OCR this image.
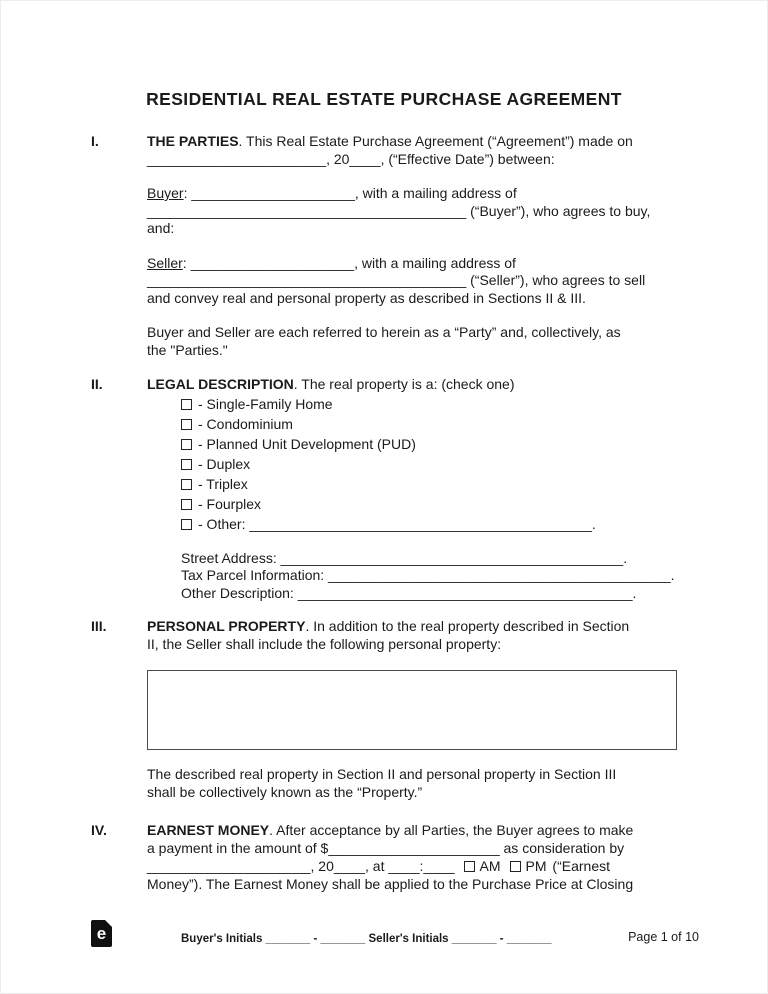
RESIDENTIAL REAL ESTATE PURCHASE AGREEMENT
I.	THE PARTIES. This Real Estate Purchase Agreement (“Agreement”) made on
_______________________, 20____, (“Effective Date”) between:

Buyer: _____________________, with a mailing address of
_________________________________________ (“Buyer”), who agrees to buy,
and:

Seller: _____________________, with a mailing address of
_________________________________________ (“Seller”), who agrees to sell
and convey real and personal property as described in Sections II & III.

Buyer and Seller are each referred to herein as a “Party” and, collectively, as
the "Parties."

II.	LEGAL DESCRIPTION. The real property is a: (check one)
- Single-Family Home
- Condominium
- Planned Unit Development (PUD)
- Duplex
- Triplex
- Fourplex
- Other: ____________________________________________.
Street Address: ____________________________________________.
Tax Parcel Information: ____________________________________________.
Other Description: ___________________________________________.
III.	PERSONAL PROPERTY. In addition to the real property described in Section
II, the Seller shall include the following personal property:

The described real property in Section II and personal property in Section III
shall be collectively known as the “Property.”

IV.	EARNEST MONEY. After acceptance by all Parties, the Buyer agrees to make
a payment in the amount of $______________________ as consideration by
_____________________, 20____, at ____:____ AM PM (“Earnest
Money”). The Earnest Money shall be applied to the Purchase Price at Closing

e	Buyer's Initials _______ - _______ Seller's Initials _______ - _______	Page 1 of 10
